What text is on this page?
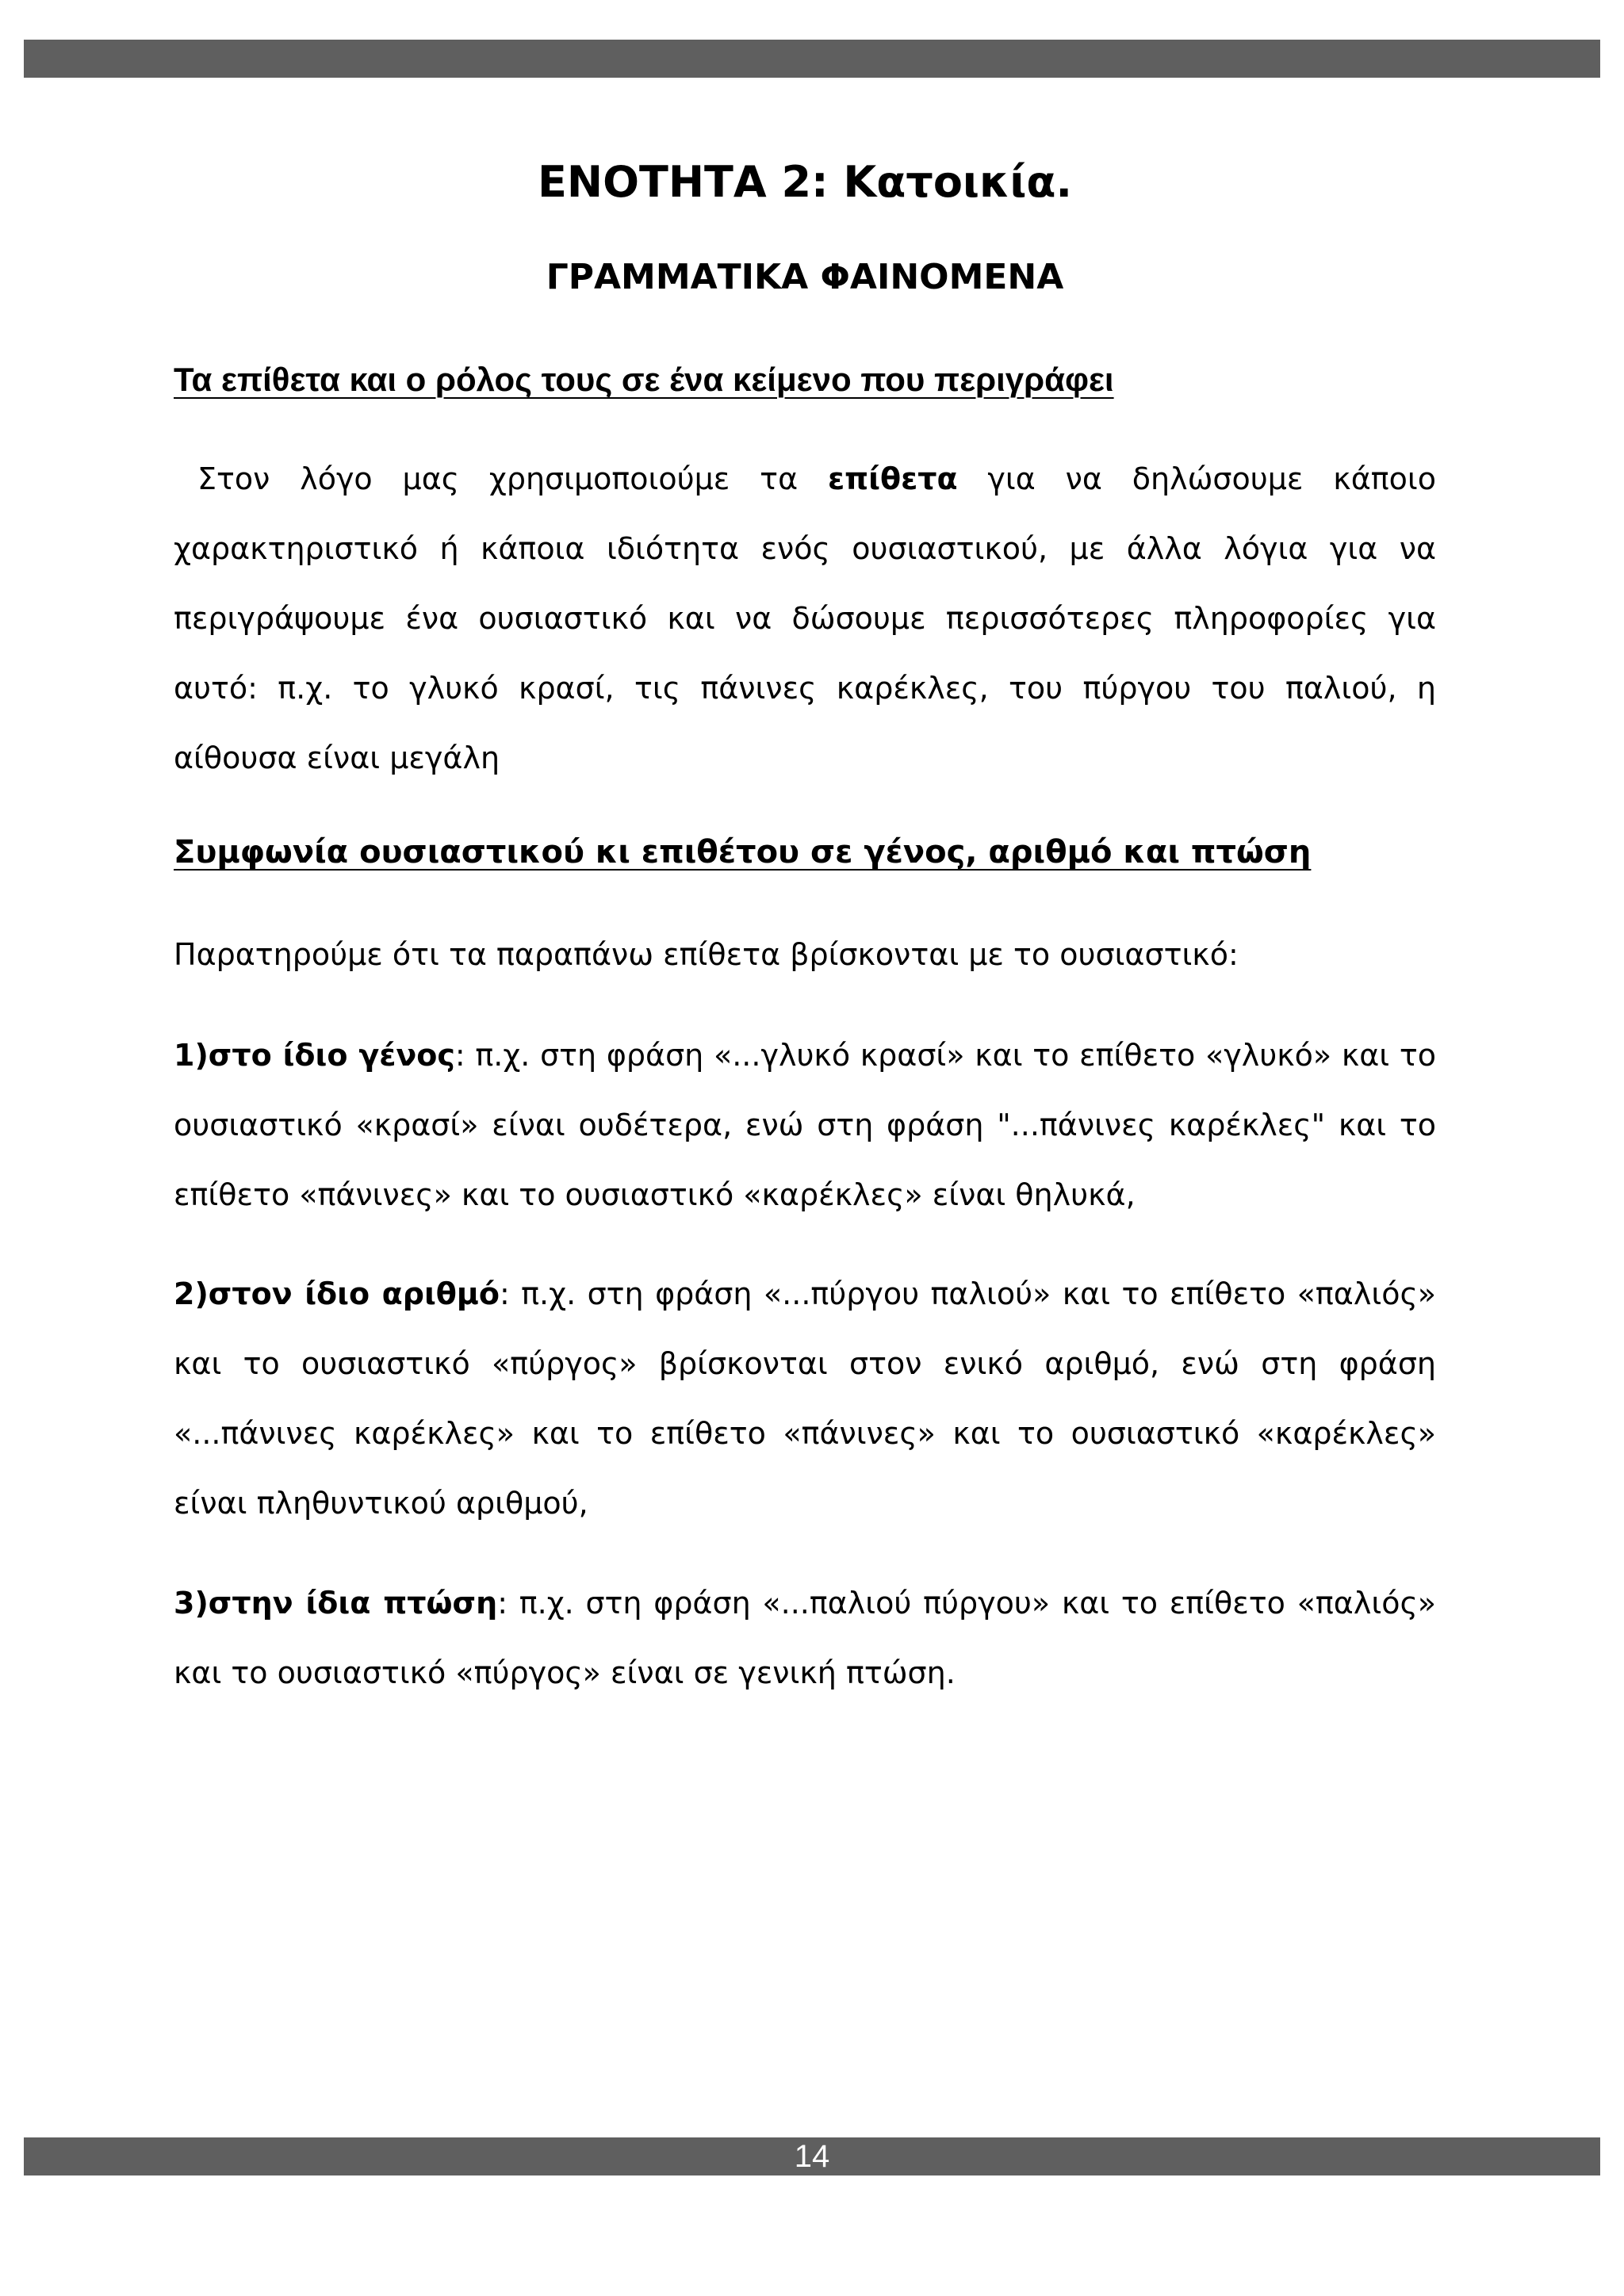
ΕΝΟΤΗΤΑ 2: Κατοικία.
ΓΡΑΜΜΑΤΙΚΑ ΦΑΙΝΟΜΕΝΑ
Τα επίθετα και ο ρόλος τους σε ένα κείμενο που περιγράφει
Στον λόγο μας χρησιμοποιούμε τα επίθετα για να δηλώσουμε κάποιο χαρακτηριστικό ή κάποια ιδιότητα ενός ουσιαστικού, με άλλα λόγια για να περιγράψουμε ένα ουσιαστικό και να δώσουμε περισσότερες πληροφορίες για αυτό: π.χ. το γλυκό κρασί, τις πάνινες καρέκλες, του πύργου του παλιού, η αίθουσα είναι μεγάλη
Συμφωνία ουσιαστικού κι επιθέτου σε γένος, αριθμό και πτώση
Παρατηρούμε ότι τα παραπάνω επίθετα βρίσκονται με το ουσιαστικό:
1)στο ίδιο γένος: π.χ. στη φράση «...γλυκό κρασί» και το επίθετο «γλυκό» και το ουσιαστικό «κρασί» είναι ουδέτερα, ενώ στη φράση "...πάνινες καρέκλες" και το επίθετο «πάνινες» και το ουσιαστικό «καρέκλες» είναι θηλυκά,
2)στον ίδιο αριθμό: π.χ. στη φράση «...πύργου παλιού» και το επίθετο «παλιός» και το ουσιαστικό «πύργος» βρίσκονται στον ενικό αριθμό, ενώ στη φράση «...πάνινες καρέκλες» και το επίθετο «πάνινες» και το ουσιαστικό «καρέκλες» είναι πληθυντικού αριθμού,
3)στην ίδια πτώση: π.χ. στη φράση «...παλιού πύργου» και το επίθετο «παλιός» και το ουσιαστικό «πύργος» είναι σε γενική πτώση.
14
